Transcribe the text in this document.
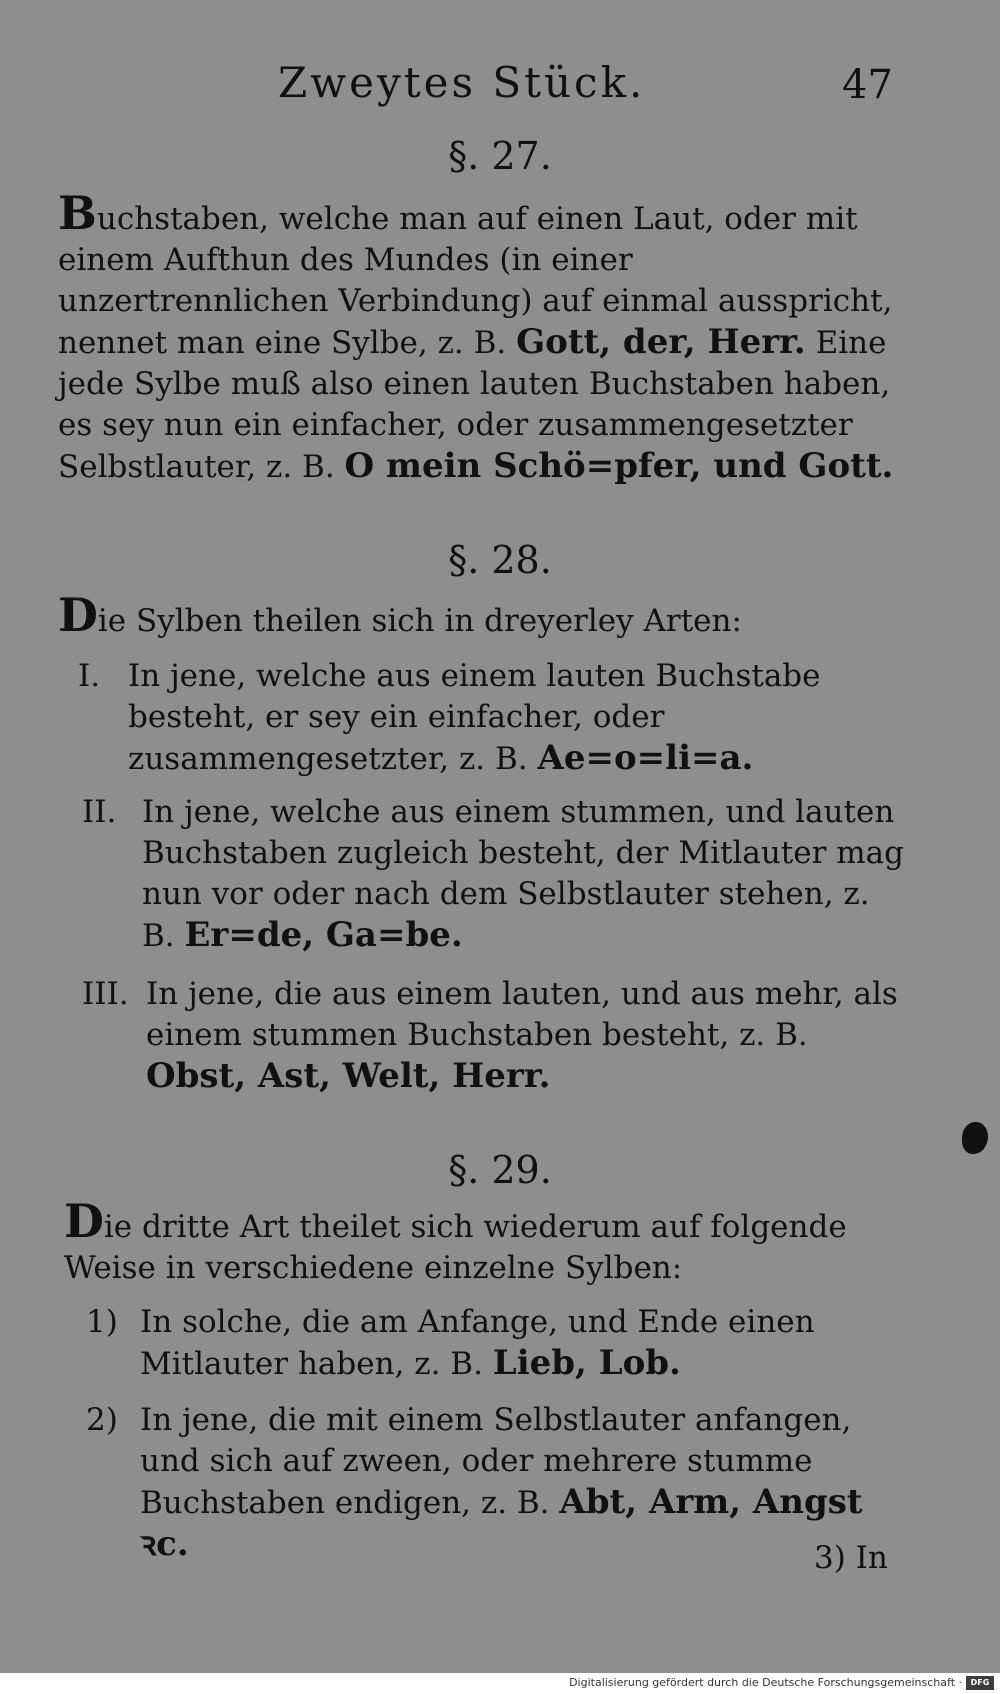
Zweytes Stück.	47
§. 27.
Buchstaben, welche man auf einen Laut, oder mit einem Aufthun des Mundes (in einer unzertrennlichen Verbindung) auf einmal ausspricht, nennet man eine Sylbe, z. B. Gott, der, Herr. Eine jede Sylbe muß also einen lauten Buchstaben haben, es sey nun ein einfacher, oder zusammengesetzter Selbstlauter, z. B. O mein Schö=pfer, und Gott.
§. 28.
Die Sylben theilen sich in dreyerley Arten:
I. In jene, welche aus einem lauten Buchstabe besteht, er sey ein einfacher, oder zusammengesetzter, z. B. Ae=o=li=a.
II. In jene, welche aus einem stummen, und lauten Buchstaben zugleich besteht, der Mitlauter mag nun vor oder nach dem Selbstlauter stehen, z. B. Er=de, Ga=be.
III. In jene, die aus einem lauten, und aus mehr, als einem stummen Buchstaben besteht, z. B. Obst, Ast, Welt, Herr.
§. 29.
Die dritte Art theilet sich wiederum auf folgende Weise in verschiedene einzelne Sylben:
1) In solche, die am Anfange, und Ende einen Mitlauter haben, z. B. Lieb, Lob.
2) In jene, die mit einem Selbstlauter anfangen, und sich auf zween, oder mehrere stumme Buchstaben endigen, z. B. Abt, Arm, Angst ꝛc.	3) In
Digitalisierung gefördert durch die Deutsche Forschungsgemeinschaft ·	DFG
